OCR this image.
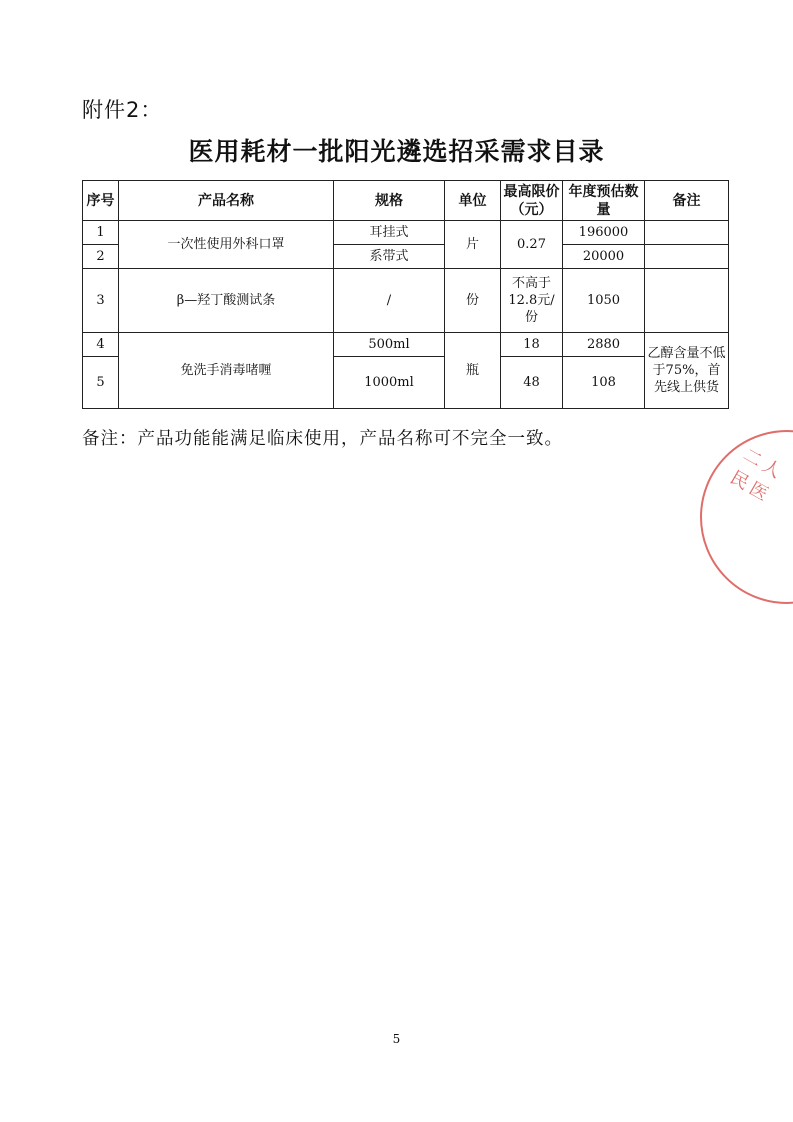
附件2：
医用耗材一批阳光遴选招采需求目录
序号	产品名称	规格	单位	最高限价（元）	年度预估数量	备注
1	一次性使用外科口罩	耳挂式	片	0.27	196000	
2		系带式			20000	
3	β—羟丁酸测试条	/	份	不高于12.8元/份	1050	
4	免洗手消毒啫喱	500ml	瓶	18	2880	乙醇含量不低于75%，首先线上供货
5		1000ml		48	108	
备注：产品功能能满足临床使用，产品名称可不完全一致。
二人民医
5
